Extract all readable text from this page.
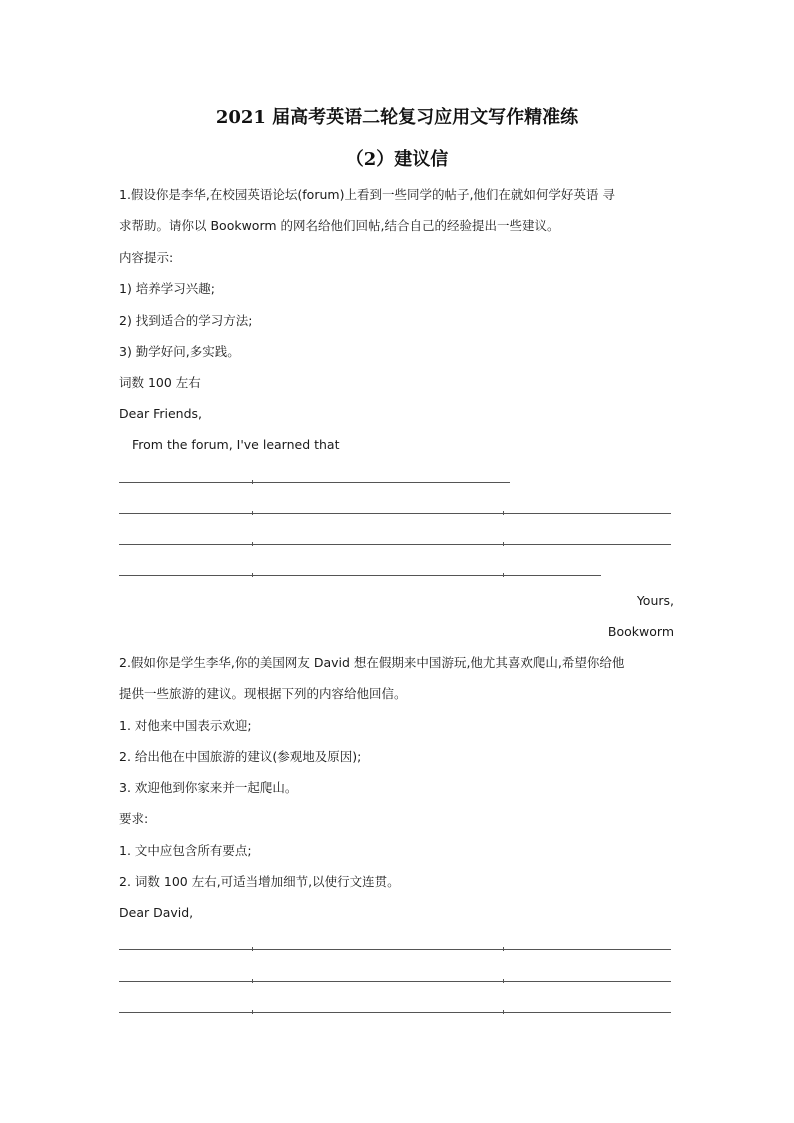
2021 届高考英语二轮复习应用文写作精准练
（2）建议信
1.假设你是李华,在校园英语论坛(forum)上看到一些同学的帖子,他们在就如何学好英语 寻
求帮助。请你以 Bookworm 的网名给他们回帖,结合自己的经验提出一些建议。
内容提示:
1) 培养学习兴趣;
2) 找到适合的学习方法;
3) 勤学好问,多实践。
词数 100 左右
Dear Friends,
From the forum, I've learned that
Yours,
Bookworm
2.假如你是学生李华,你的美国网友 David 想在假期来中国游玩,他尤其喜欢爬山,希望你给他
提供一些旅游的建议。现根据下列的内容给他回信。
1. 对他来中国表示欢迎;
2. 给出他在中国旅游的建议(参观地及原因);
3. 欢迎他到你家来并一起爬山。
要求:
1. 文中应包含所有要点;
2. 词数 100 左右,可适当增加细节,以使行文连贯。
Dear David,
